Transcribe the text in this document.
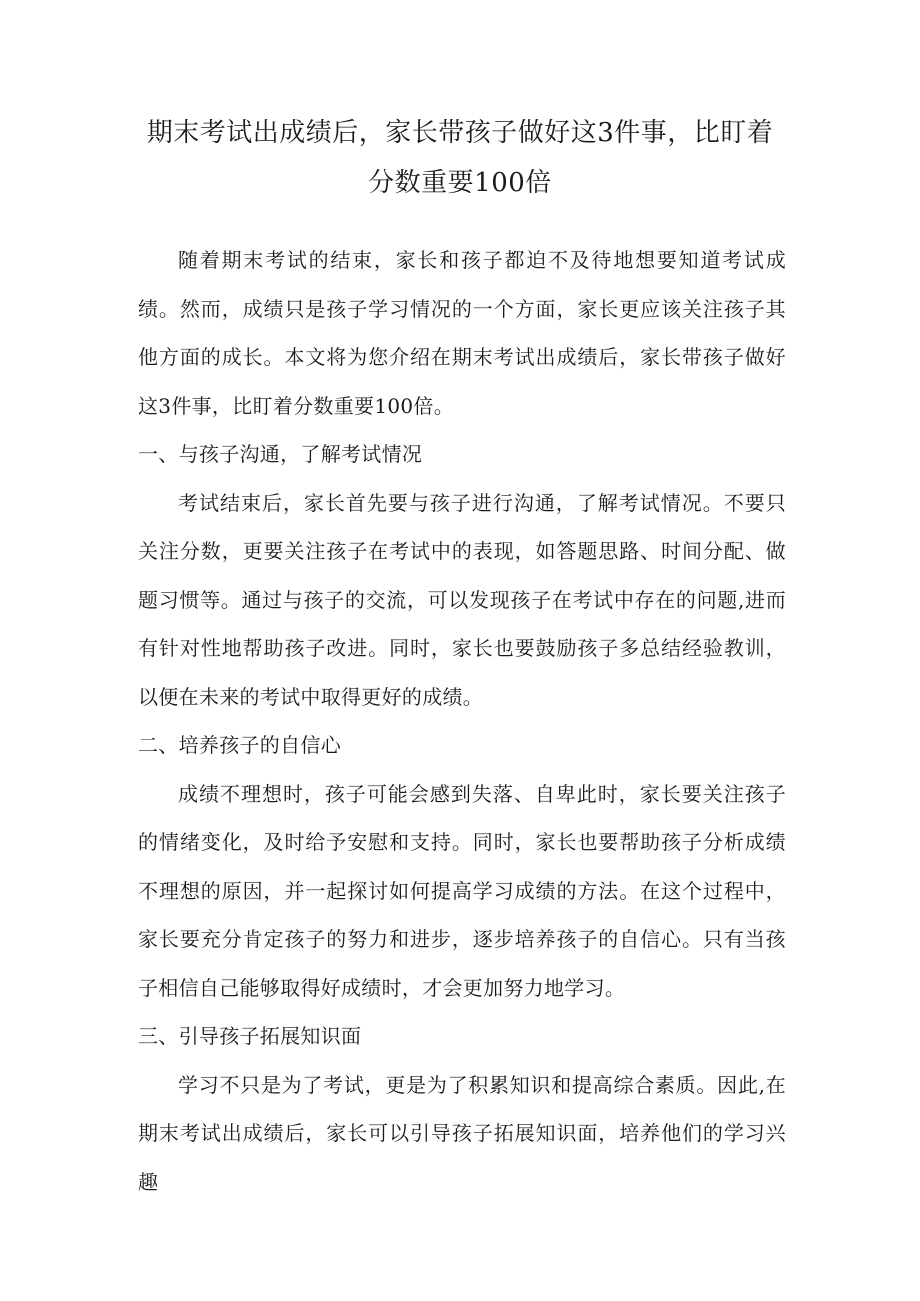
期末考试出成绩后，家长带孩子做好这3件事，比盯着分数重要100倍

随着期末考试的结束，家长和孩子都迫不及待地想要知道考试成绩。然而，成绩只是孩子学习情况的一个方面，家长更应该关注孩子其他方面的成长。本文将为您介绍在期末考试出成绩后，家长带孩子做好这3件事，比盯着分数重要100倍。

一、与孩子沟通，了解考试情况

考试结束后，家长首先要与孩子进行沟通，了解考试情况。不要只关注分数，更要关注孩子在考试中的表现，如答题思路、时间分配、做题习惯等。通过与孩子的交流，可以发现孩子在考试中存在的问题,进而有针对性地帮助孩子改进。同时，家长也要鼓励孩子多总结经验教训，以便在未来的考试中取得更好的成绩。

二、培养孩子的自信心

成绩不理想时，孩子可能会感到失落、自卑此时，家长要关注孩子的情绪变化，及时给予安慰和支持。同时，家长也要帮助孩子分析成绩不理想的原因，并一起探讨如何提高学习成绩的方法。在这个过程中，家长要充分肯定孩子的努力和进步，逐步培养孩子的自信心。只有当孩子相信自己能够取得好成绩时，才会更加努力地学习。

三、引导孩子拓展知识面

学习不只是为了考试，更是为了积累知识和提高综合素质。因此,在期末考试出成绩后，家长可以引导孩子拓展知识面，培养他们的学习兴趣
